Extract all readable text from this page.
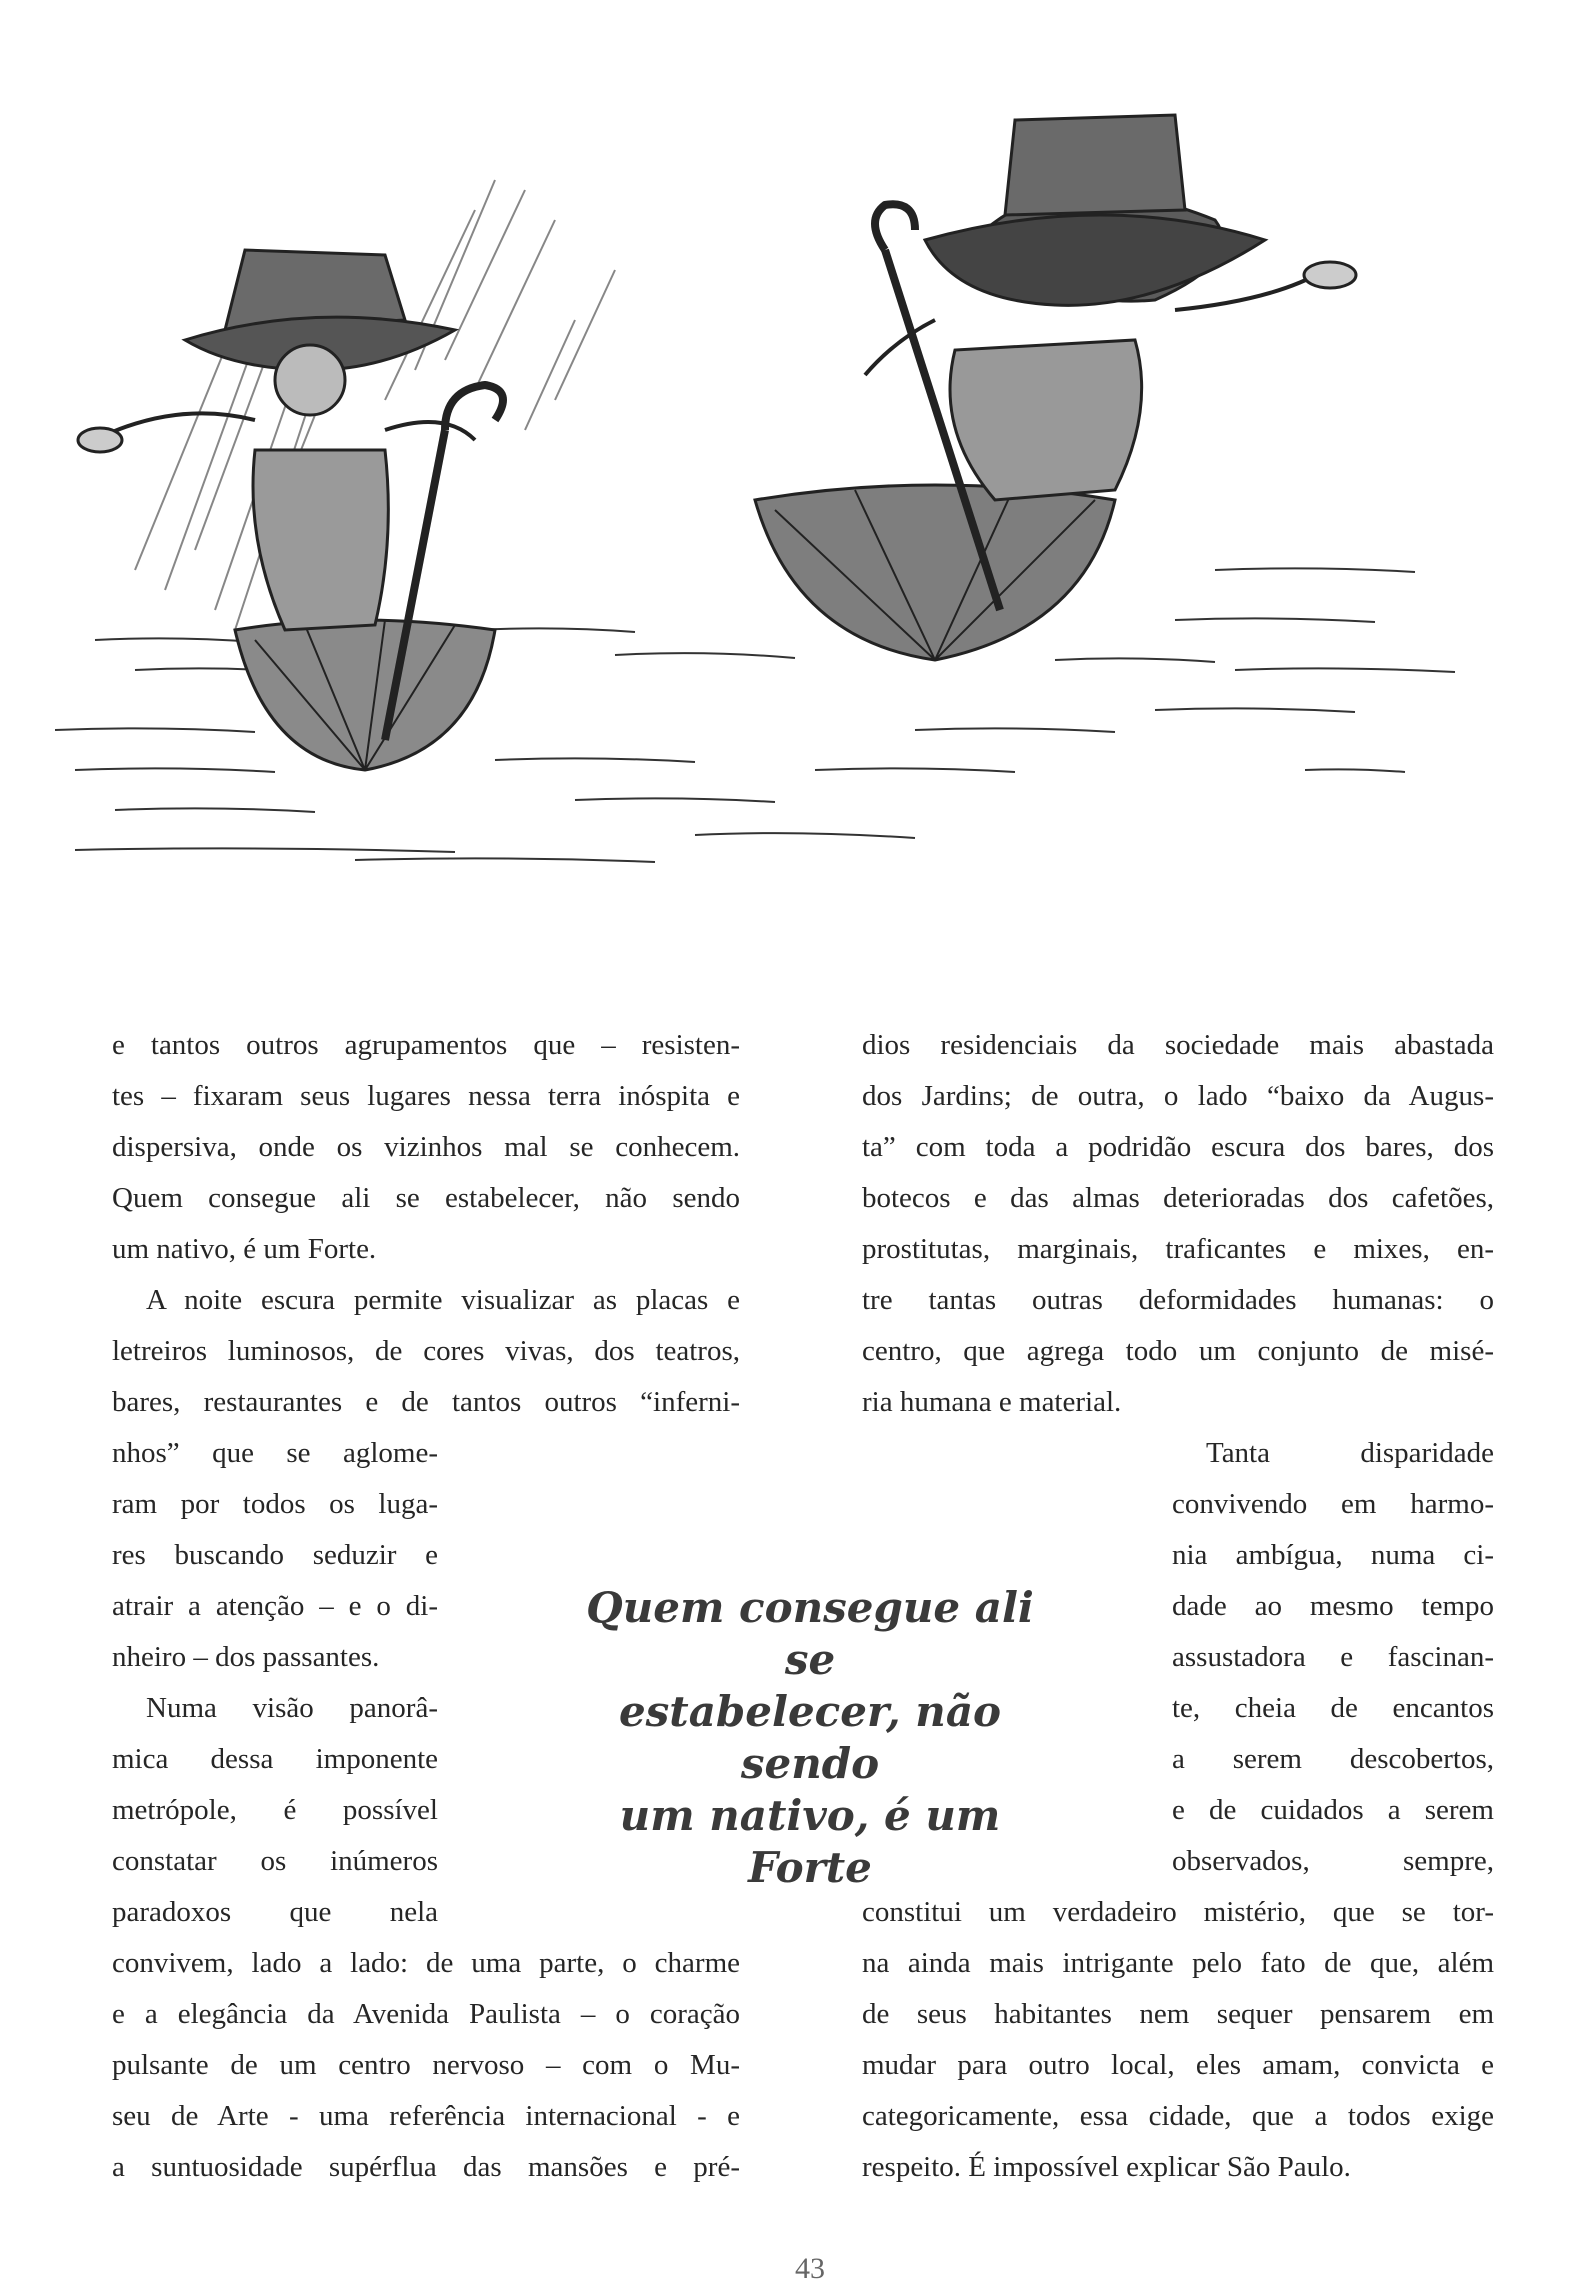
e tantos outros agrupamentos que – resisten-
tes – fixaram seus lugares nessa terra inóspita e
dispersiva, onde os vizinhos mal se conhecem.
Quem consegue ali se estabelecer, não sendo
um nativo, é um Forte.
A noite escura permite visualizar as placas e
letreiros luminosos, de cores vivas, dos teatros,
bares, restaurantes e de tantos outros “inferni-
nhos” que se aglome-
ram por todos os luga-
res buscando seduzir e
atrair a atenção – e o di-
nheiro – dos passantes.
Numa visão panorâ-
mica dessa imponente
metrópole, é possível
constatar os inúmeros
paradoxos que nela
convivem, lado a lado: de uma parte, o charme
e a elegância da Avenida Paulista – o coração
pulsante de um centro nervoso – com o Mu-
seu de Arte - uma referência internacional - e
a suntuosidade supérflua das mansões e pré-
Quem consegue ali se
estabelecer, não sendo
um nativo, é um Forte
dios residenciais da sociedade mais abastada
dos Jardins; de outra, o lado “baixo da Augus-
ta” com toda a podridão escura dos bares, dos
botecos e das almas deterioradas dos cafetões,
prostitutas, marginais, traficantes e mixes, en-
tre tantas outras deformidades humanas: o
centro, que agrega todo um conjunto de misé-
ria humana e material.
Tanta disparidade
convivendo em harmo-
nia ambígua, numa ci-
dade ao mesmo tempo
assustadora e fascinan-
te, cheia de encantos
a serem descobertos,
e de cuidados a serem
observados, sempre,
constitui um verdadeiro mistério, que se tor-
na ainda mais intrigante pelo fato de que, além
de seus habitantes nem sequer pensarem em
mudar para outro local, eles amam, convicta e
categoricamente, essa cidade, que a todos exige
respeito. É impossível explicar São Paulo.
43
